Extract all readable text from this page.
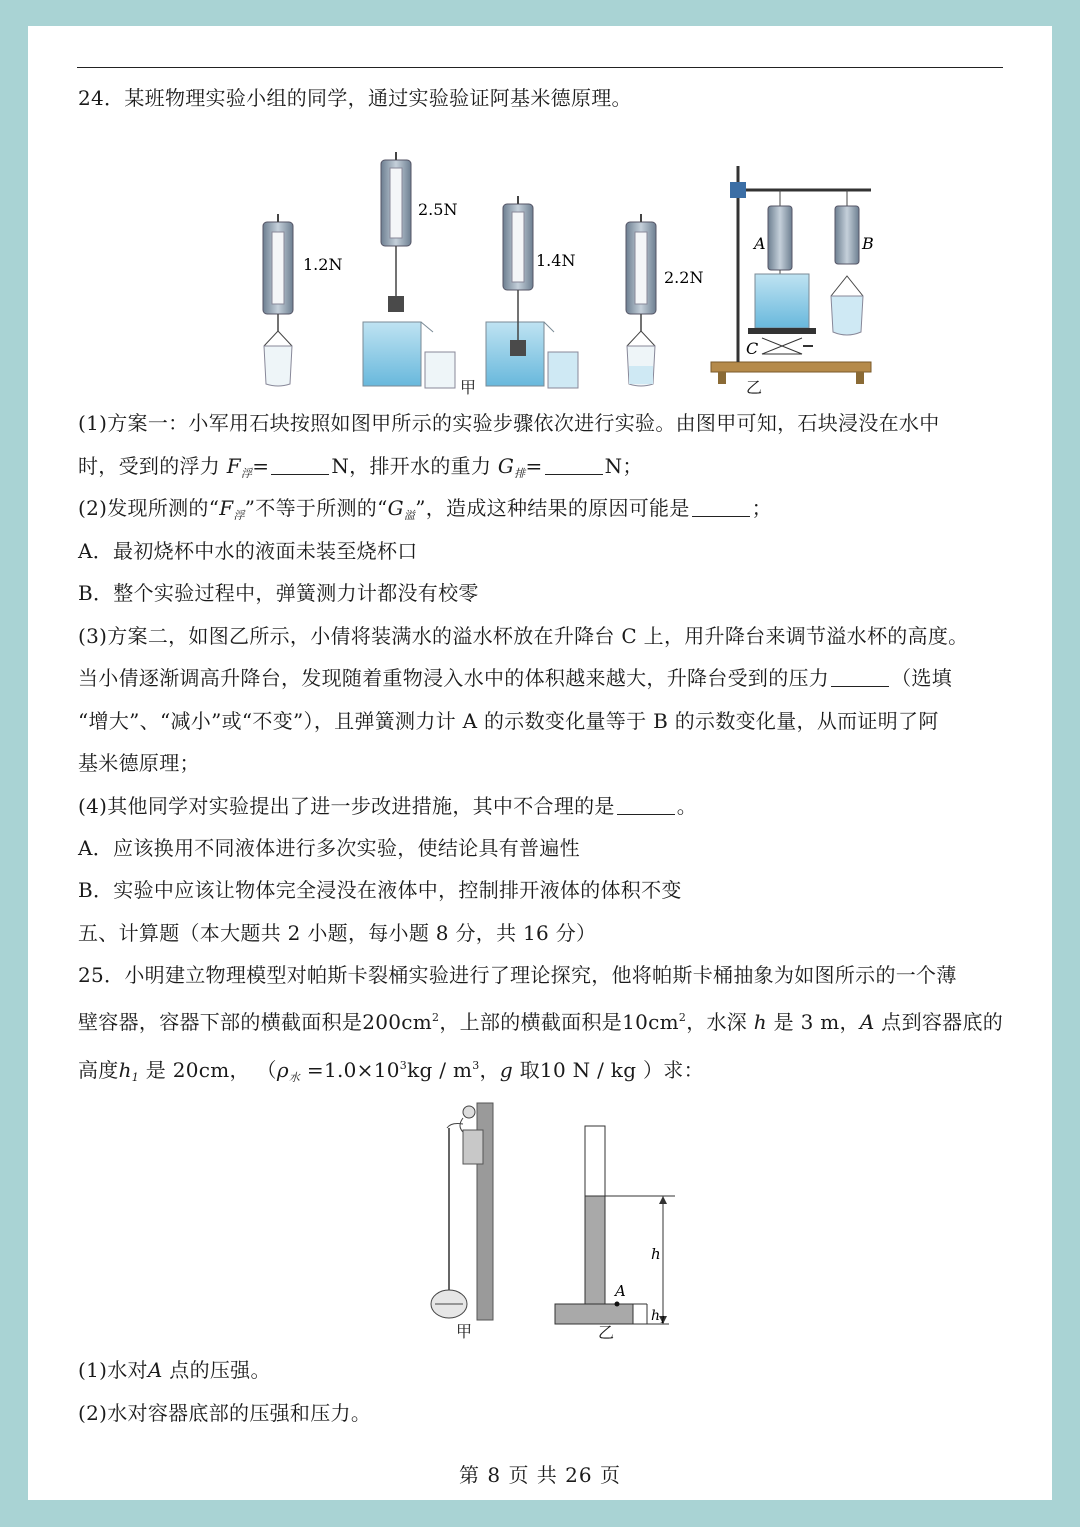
24．某班物理实验小组的同学，通过实验验证阿基米德原理。
1.2N
2.5N
1.4N
2.2N
A	B
C
甲	乙
(1)方案一：小军用石块按照如图甲所示的实验步骤依次进行实验。由图甲可知，石块浸没在水中
时，受到的浮力 $F_浮=$	N，排开水的重力 $G_排=$	N；
(2)发现所测的“$F_浮$”不等于所测的“$G_溢$”，造成这种结果的原因可能是	；
A．最初烧杯中水的液面未装至烧杯口
B．整个实验过程中，弹簧测力计都没有校零
(3)方案二，如图乙所示，小倩将装满水的溢水杯放在升降台 C 上，用升降台来调节溢水杯的高度。
当小倩逐渐调高升降台，发现随着重物浸入水中的体积越来越大，升降台受到的压力	（选填
“增大”、“减小”或“不变”），且弹簧测力计 A 的示数变化量等于 B 的示数变化量，从而证明了阿
基米德原理；
(4)其他同学对实验提出了进一步改进措施，其中不合理的是	。
A．应该换用不同液体进行多次实验，使结论具有普遍性
B．实验中应该让物体完全浸没在液体中，控制排开液体的体积不变
五、计算题（本大题共 2 小题，每小题 8 分，共 16 分）
25．小明建立物理模型对帕斯卡裂桶实验进行了理论探究，他将帕斯卡桶抽象为如图所示的一个薄
壁容器，容器下部的横截面积是$200cm^2$，上部的横截面积是$10cm^2$，水深 h 是 3 m，A 点到容器底的
高度$h_1$ 是 20cm， （$\rho_水 =1.0\times 10^3kg / m^3$，g 取10 N / kg ）求：
h
A
$h_1$
甲	乙
(1)水对A 点的压强。
(2)水对容器底部的压强和压力。
第 8 页 共 26 页
